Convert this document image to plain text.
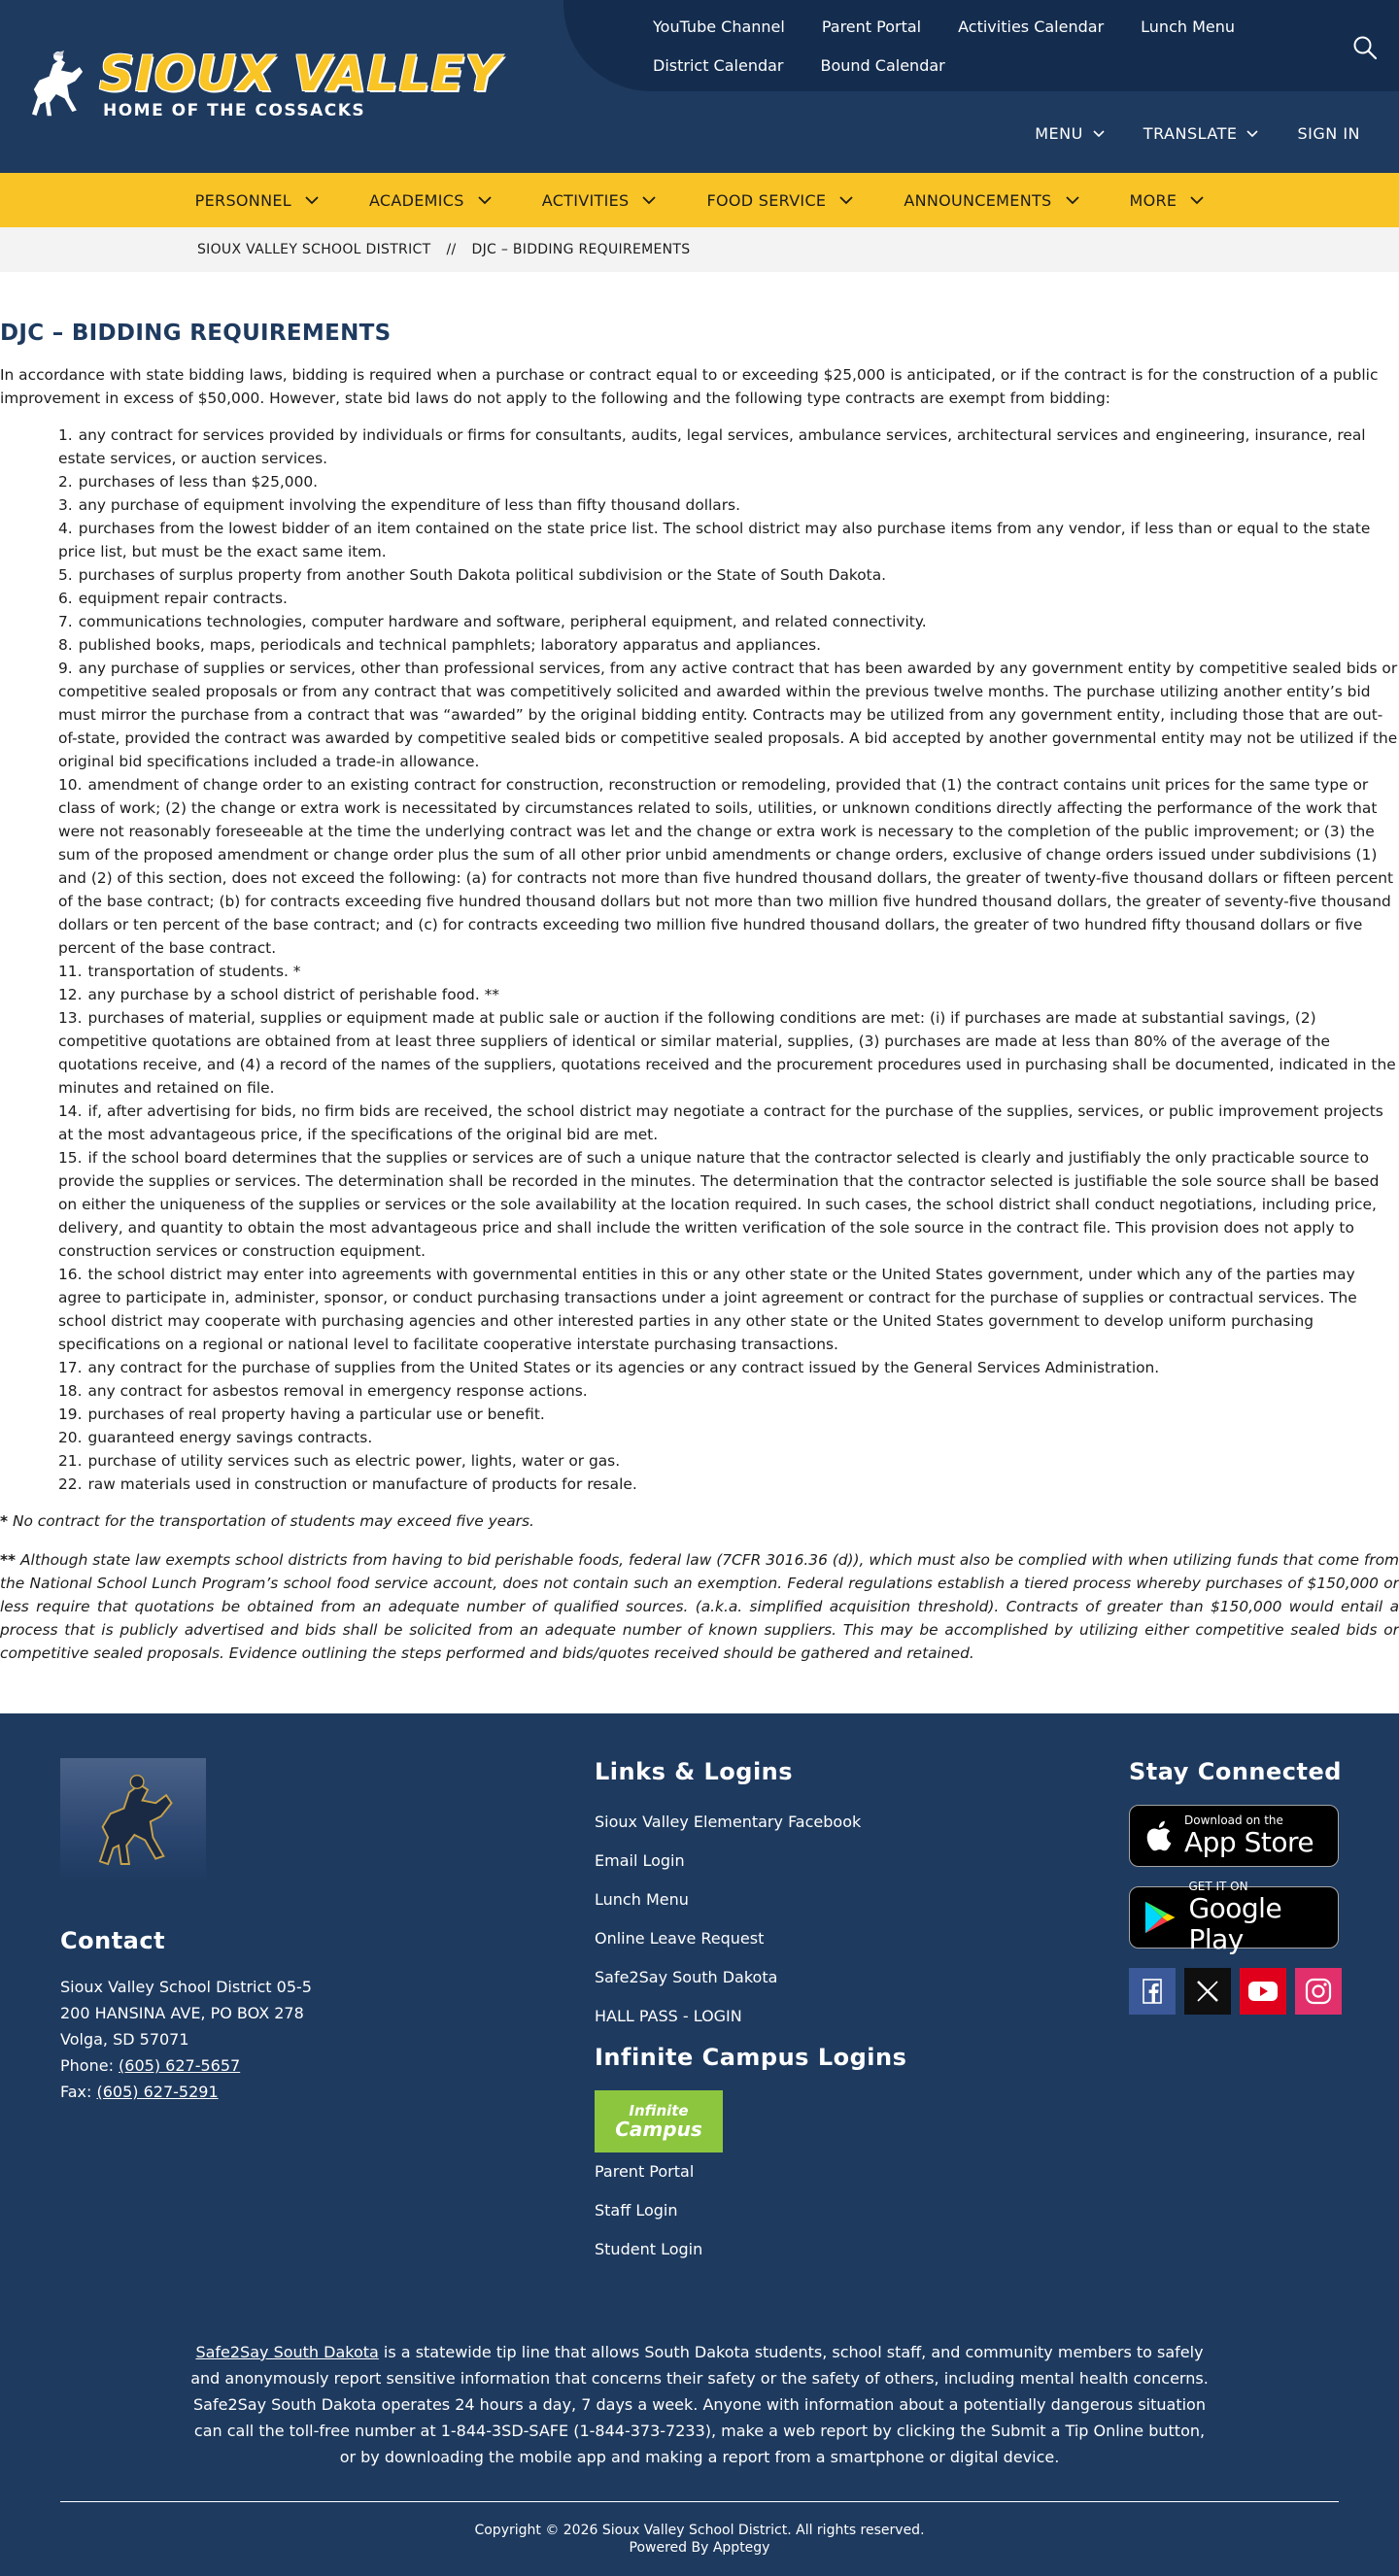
YouTube Channel Parent Portal Activities Calendar Lunch Menu
District Calendar Bound Calendar
SIOUX VALLEY
HOME OF THE COSSACKS
MENU	TRANSLATE	SIGN IN
PERSONNEL	ACADEMICS	ACTIVITIES	FOOD SERVICE	ANNOUNCEMENTS	MORE
SIOUX VALLEY SCHOOL DISTRICT // DJC – BIDDING REQUIREMENTS
DJC – BIDDING REQUIREMENTS

In accordance with state bidding laws, bidding is required when a purchase or contract equal to or exceeding $25,000 is anticipated, or if the contract is for the construction of a public improvement in excess of $50,000. However, state bid laws do not apply to the following and the following type contracts are exempt from bidding:

1. any contract for services provided by individuals or firms for consultants, audits, legal services, ambulance services, architectural services and engineering, insurance, real estate services, or auction services.
2. purchases of less than $25,000.
3. any purchase of equipment involving the expenditure of less than fifty thousand dollars.
4. purchases from the lowest bidder of an item contained on the state price list. The school district may also purchase items from any vendor, if less than or equal to the state price list, but must be the exact same item.
5. purchases of surplus property from another South Dakota political subdivision or the State of South Dakota.
6. equipment repair contracts.
7. communications technologies, computer hardware and software, peripheral equipment, and related connectivity.
8. published books, maps, periodicals and technical pamphlets; laboratory apparatus and appliances.
9. any purchase of supplies or services, other than professional services, from any active contract that has been awarded by any government entity by competitive sealed bids or competitive sealed proposals or from any contract that was competitively solicited and awarded within the previous twelve months. The purchase utilizing another entity’s bid must mirror the purchase from a contract that was “awarded” by the original bidding entity. Contracts may be utilized from any government entity, including those that are out-of-state, provided the contract was awarded by competitive sealed bids or competitive sealed proposals. A bid accepted by another governmental entity may not be utilized if the original bid specifications included a trade-in allowance.
10. amendment of change order to an existing contract for construction, reconstruction or remodeling, provided that (1) the contract contains unit prices for the same type or class of work; (2) the change or extra work is necessitated by circumstances related to soils, utilities, or unknown conditions directly affecting the performance of the work that were not reasonably foreseeable at the time the underlying contract was let and the change or extra work is necessary to the completion of the public improvement; or (3) the sum of the proposed amendment or change order plus the sum of all other prior unbid amendments or change orders, exclusive of change orders issued under subdivisions (1) and (2) of this section, does not exceed the following: (a) for contracts not more than five hundred thousand dollars, the greater of twenty-five thousand dollars or fifteen percent of the base contract; (b) for contracts exceeding five hundred thousand dollars but not more than two million five hundred thousand dollars, the greater of seventy-five thousand dollars or ten percent of the base contract; and (c) for contracts exceeding two million five hundred thousand dollars, the greater of two hundred fifty thousand dollars or five percent of the base contract.
11. transportation of students. *
12. any purchase by a school district of perishable food. **
13. purchases of material, supplies or equipment made at public sale or auction if the following conditions are met: (i) if purchases are made at substantial savings, (2) competitive quotations are obtained from at least three suppliers of identical or similar material, supplies, (3) purchases are made at less than 80% of the average of the quotations receive, and (4) a record of the names of the suppliers, quotations received and the procurement procedures used in purchasing shall be documented, indicated in the minutes and retained on file.
14. if, after advertising for bids, no firm bids are received, the school district may negotiate a contract for the purchase of the supplies, services, or public improvement projects at the most advantageous price, if the specifications of the original bid are met.
15. if the school board determines that the supplies or services are of such a unique nature that the contractor selected is clearly and justifiably the only practicable source to provide the supplies or services. The determination shall be recorded in the minutes. The determination that the contractor selected is justifiable the sole source shall be based on either the uniqueness of the supplies or services or the sole availability at the location required. In such cases, the school district shall conduct negotiations, including price, delivery, and quantity to obtain the most advantageous price and shall include the written verification of the sole source in the contract file. This provision does not apply to construction services or construction equipment.
16. the school district may enter into agreements with governmental entities in this or any other state or the United States government, under which any of the parties may agree to participate in, administer, sponsor, or conduct purchasing transactions under a joint agreement or contract for the purchase of supplies or contractual services. The school district may cooperate with purchasing agencies and other interested parties in any other state or the United States government to develop uniform purchasing specifications on a regional or national level to facilitate cooperative interstate purchasing transactions.
17. any contract for the purchase of supplies from the United States or its agencies or any contract issued by the General Services Administration.
18. any contract for asbestos removal in emergency response actions.
19. purchases of real property having a particular use or benefit.
20. guaranteed energy savings contracts.
21. purchase of utility services such as electric power, lights, water or gas.
22. raw materials used in construction or manufacture of products for resale.

* No contract for the transportation of students may exceed five years.

** Although state law exempts school districts from having to bid perishable foods, federal law (7CFR 3016.36 (d)), which must also be complied with when utilizing funds that come from the National School Lunch Program’s school food service account, does not contain such an exemption. Federal regulations establish a tiered process whereby purchases of $150,000 or less require that quotations be obtained from an adequate number of qualified sources. (a.k.a. simplified acquisition threshold). Contracts of greater than $150,000 would entail a process that is publicly advertised and bids shall be solicited from an adequate number of known suppliers. This may be accomplished by utilizing either competitive sealed bids or competitive sealed proposals. Evidence outlining the steps performed and bids/quotes received should be gathered and retained.

Contact
Sioux Valley School District 05-5
200 HANSINA AVE, PO BOX 278
Volga, SD 57071
Phone: (605) 627-5657
Fax: (605) 627-5291
Links & Logins
Sioux Valley Elementary Facebook
Email Login
Lunch Menu
Online Leave Request
Safe2Say South Dakota
HALL PASS - LOGIN
Infinite Campus Logins
Infinite
Campus
Parent Portal
Staff Login
Student Login
Stay Connected
Download on the
App Store
GET IT ON
Google Play

Safe2Say South Dakota is a statewide tip line that allows South Dakota students, school staff, and community members to safely and anonymously report sensitive information that concerns their safety or the safety of others, including mental health concerns. Safe2Say South Dakota operates 24 hours a day, 7 days a week. Anyone with information about a potentially dangerous situation can call the toll-free number at 1-844-3SD-SAFE (1-844-373-7233), make a web report by clicking the Submit a Tip Online button, or by downloading the mobile app and making a report from a smartphone or digital device.

Copyright © 2026 Sioux Valley School District. All rights reserved.
Powered By Apptegy
